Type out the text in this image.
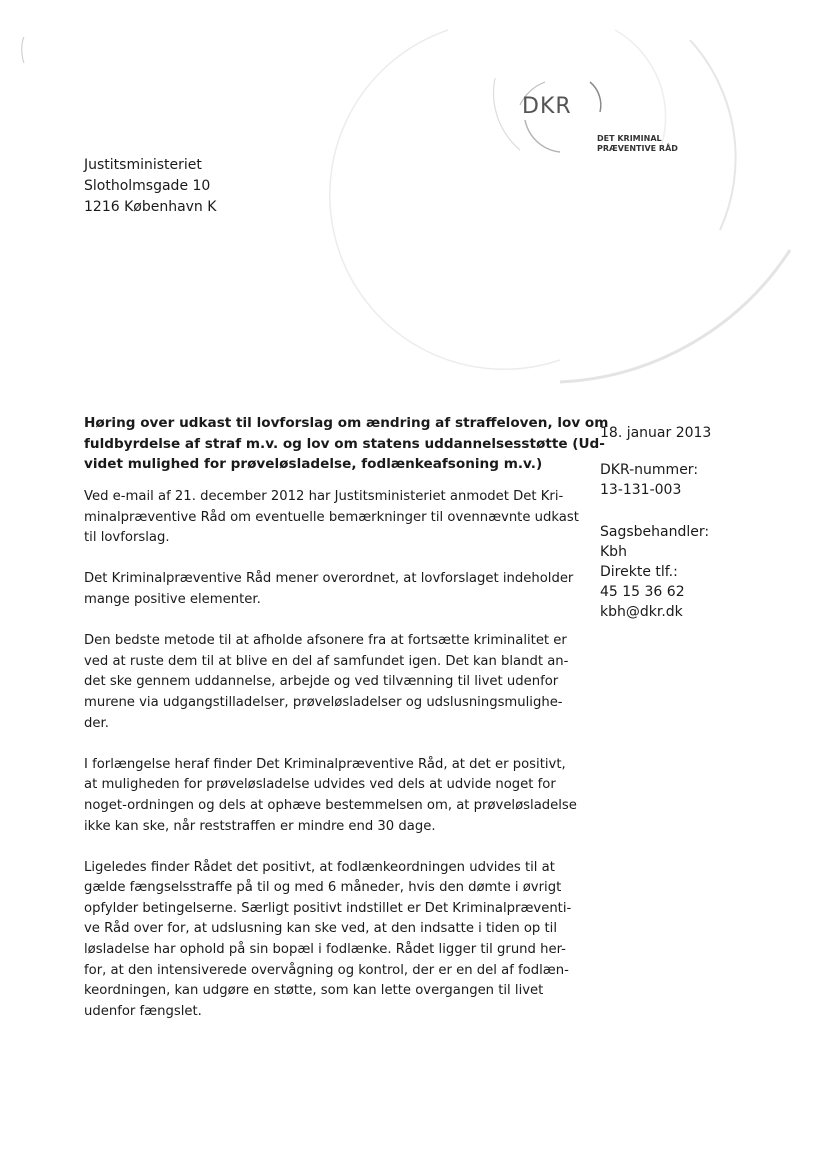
DKR
DET KRIMINAL
PRÆVENTIVE RÅD
Justitsministeriet
Slotholmsgade 10
1216 København K
Høring over udkast til lovforslag om ændring af straffeloven, lov om
fuldbyrdelse af straf m.v. og lov om statens uddannelsesstøtte (Ud-
videt mulighed for prøveløsladelse, fodlænkeafsoning m.v.)
18. januar 2013
DKR-nummer:
13-131-003
Sagsbehandler:
Kbh
Direkte tlf.:
45 15 36 62
kbh@dkr.dk

Ved e-mail af 21. december 2012 har Justitsministeriet anmodet Det Kri-
minalpræventive Råd om eventuelle bemærkninger til ovennævnte udkast
til lovforslag.

Det Kriminalpræventive Råd mener overordnet, at lovforslaget indeholder
mange positive elementer.

Den bedste metode til at afholde afsonere fra at fortsætte kriminalitet er
ved at ruste dem til at blive en del af samfundet igen. Det kan blandt an-
det ske gennem uddannelse, arbejde og ved tilvænning til livet udenfor
murene via udgangstilladelser, prøveløsladelser og udslusningsmulighe-
der.

I forlængelse heraf finder Det Kriminalpræventive Råd, at det er positivt,
at muligheden for prøveløsladelse udvides ved dels at udvide noget for
noget-ordningen og dels at ophæve bestemmelsen om, at prøveløsladelse
ikke kan ske, når reststraffen er mindre end 30 dage.

Ligeledes finder Rådet det positivt, at fodlænkeordningen udvides til at
gælde fængselsstraffe på til og med 6 måneder, hvis den dømte i øvrigt
opfylder betingelserne. Særligt positivt indstillet er Det Kriminalpræventi-
ve Råd over for, at udslusning kan ske ved, at den indsatte i tiden op til
løsladelse har ophold på sin bopæl i fodlænke. Rådet ligger til grund her-
for, at den intensiverede overvågning og kontrol, der er en del af fodlæn-
keordningen, kan udgøre en støtte, som kan lette overgangen til livet
udenfor fængslet.
